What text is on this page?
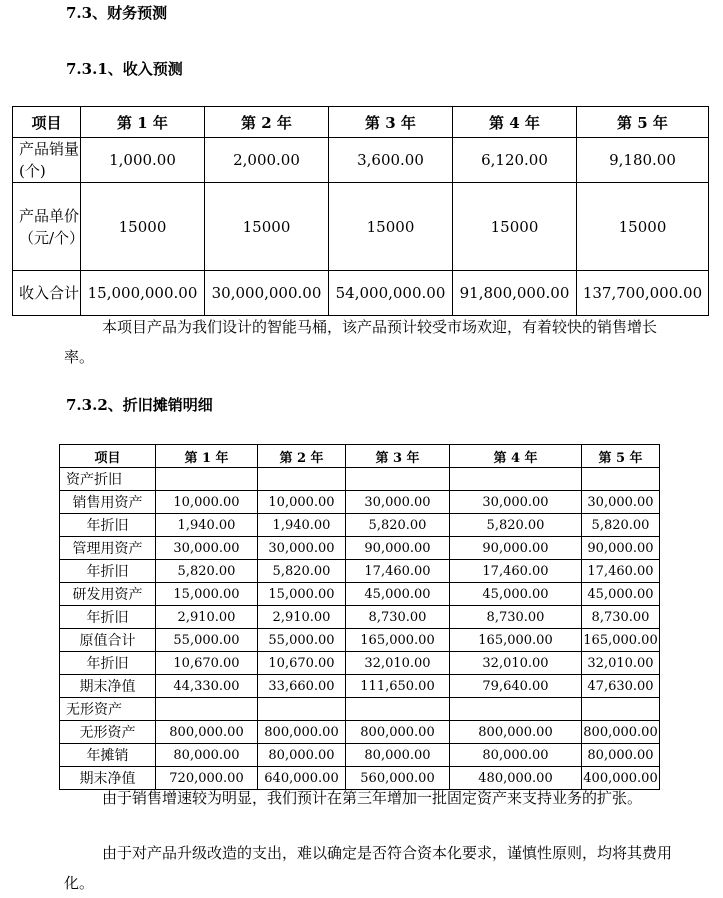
7.3、财务预测
7.3.1、收入预测
项目	第 1 年	第 2 年	第 3 年	第 4 年	第 5 年
产品销量(个)	1,000.00	2,000.00	3,600.00	6,120.00	9,180.00
产品单价（元/个）	15000	15000	15000	15000	15000
收入合计	15,000,000.00	30,000,000.00	54,000,000.00	91,800,000.00	137,700,000.00

本项目产品为我们设计的智能马桶，该产品预计较受市场欢迎，有着较快的销售增长率。

7.3.2、折旧摊销明细
项目	第 1 年	第 2 年	第 3 年	第 4 年	第 5 年
资产折旧					
销售用资产	10,000.00	10,000.00	30,000.00	30,000.00	30,000.00
年折旧	1,940.00	1,940.00	5,820.00	5,820.00	5,820.00
管理用资产	30,000.00	30,000.00	90,000.00	90,000.00	90,000.00
年折旧	5,820.00	5,820.00	17,460.00	17,460.00	17,460.00
研发用资产	15,000.00	15,000.00	45,000.00	45,000.00	45,000.00
年折旧	2,910.00	2,910.00	8,730.00	8,730.00	8,730.00
原值合计	55,000.00	55,000.00	165,000.00	165,000.00	165,000.00
年折旧	10,670.00	10,670.00	32,010.00	32,010.00	32,010.00
期末净值	44,330.00	33,660.00	111,650.00	79,640.00	47,630.00
无形资产					
无形资产	800,000.00	800,000.00	800,000.00	800,000.00	800,000.00
年摊销	80,000.00	80,000.00	80,000.00	80,000.00	80,000.00
期末净值	720,000.00	640,000.00	560,000.00	480,000.00	400,000.00

由于销售增速较为明显，我们预计在第三年增加一批固定资产来支持业务的扩张。

由于对产品升级改造的支出，难以确定是否符合资本化要求，谨慎性原则，均将其费用化。
